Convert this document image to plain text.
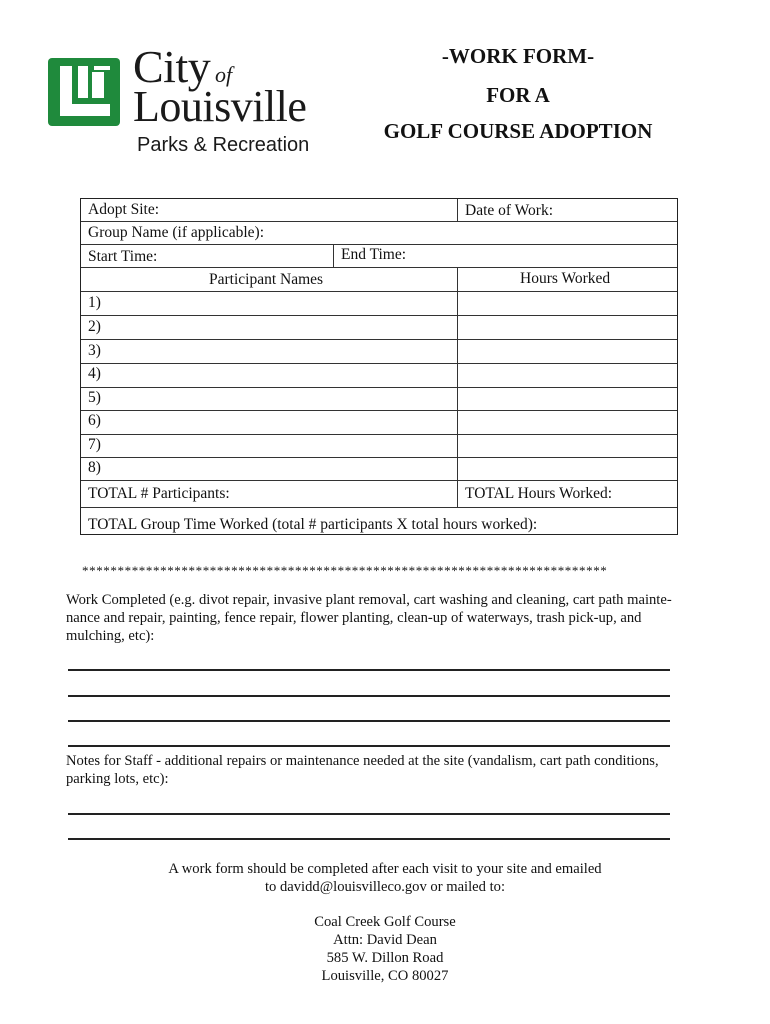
City of
Louisville
Parks & Recreation
-WORK FORM-
FOR A
GOLF COURSE ADOPTION
Adopt Site:	Date of Work:
Group Name (if applicable):
Start Time:	End Time:
Participant Names	Hours Worked
1)
2)
3)
4)
5)
6)
7)
8)
TOTAL # Participants:	TOTAL Hours Worked:
TOTAL Group Time Worked (total # participants X total hours worked):
**************************************************************************
Work Completed (e.g. divot repair, invasive plant removal, cart washing and cleaning, cart path mainte-
nance and repair, painting, fence repair, flower planting, clean-up of waterways, trash pick-up, and
mulching, etc):
Notes for Staff - additional repairs or maintenance needed at the site (vandalism, cart path conditions,
parking lots, etc):
A work form should be completed after each visit to your site and emailed
to davidd@louisvilleco.gov or mailed to:
Coal Creek Golf Course
Attn: David Dean
585 W. Dillon Road
Louisville, CO 80027
